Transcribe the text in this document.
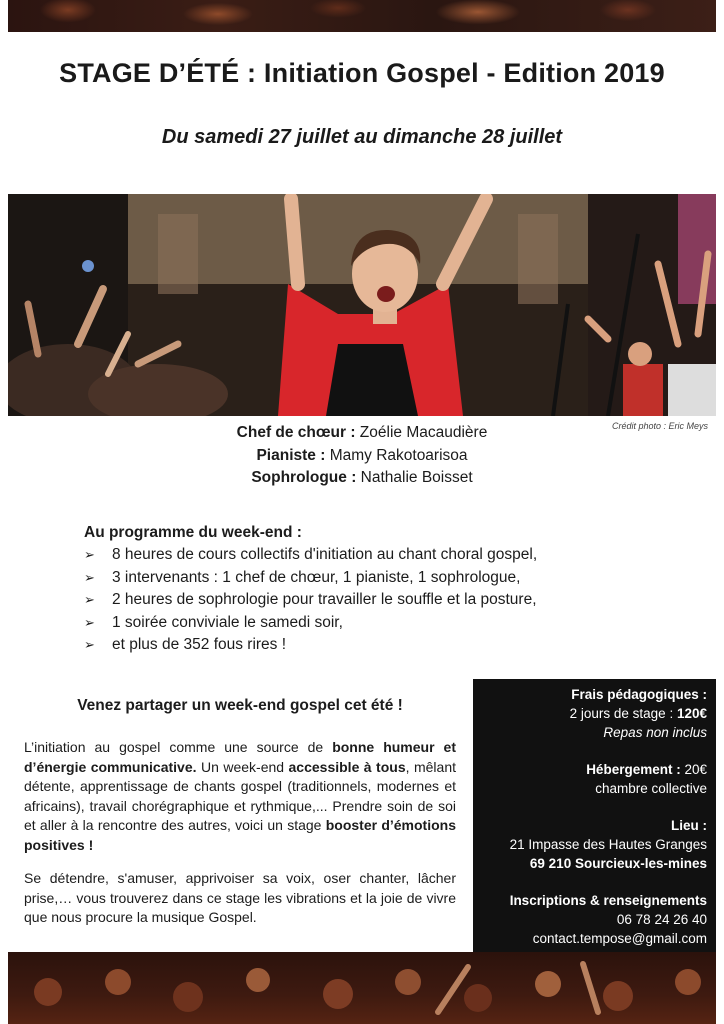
STAGE D’ÉTÉ : Initiation Gospel - Edition 2019
Du samedi 27 juillet au dimanche 28 juillet
Crédit photo : Eric Meys
Chef de chœur : Zoélie Macaudière
Pianiste : Mamy Rakotoarisoa
Sophrologue : Nathalie Boisset
Au programme du week-end :
➢	8 heures de cours collectifs d'initiation au chant choral gospel,
➢	3 intervenants : 1 chef de chœur, 1 pianiste, 1 sophrologue,
➢	2 heures de sophrologie pour travailler le souffle et la posture,
➢	1 soirée conviviale le samedi soir,
➢	et plus de 352 fous rires !
Venez partager un week-end gospel cet été !
L’initiation au gospel comme une source de bonne humeur et d’énergie communicative. Un week-end accessible à tous, mêlant détente, apprentissage de chants gospel (traditionnels, modernes et africains), travail chorégraphique et rythmique,... Prendre soin de soi et aller à la rencontre des autres, voici un stage booster d’émotions positives !
Se détendre, s'amuser, apprivoiser sa voix, oser chanter, lâcher prise,… vous trouverez dans ce stage les vibrations et la joie de vivre que nous procure la musique Gospel.
Frais pédagogiques :
2 jours de stage : 120€
Repas non inclus
Hébergement : 20€
chambre collective
Lieu :
21 Impasse des Hautes Granges
69 210 Sourcieux-les-mines
Inscriptions & renseignements
06 78 24 26 40
contact.tempose@gmail.com
